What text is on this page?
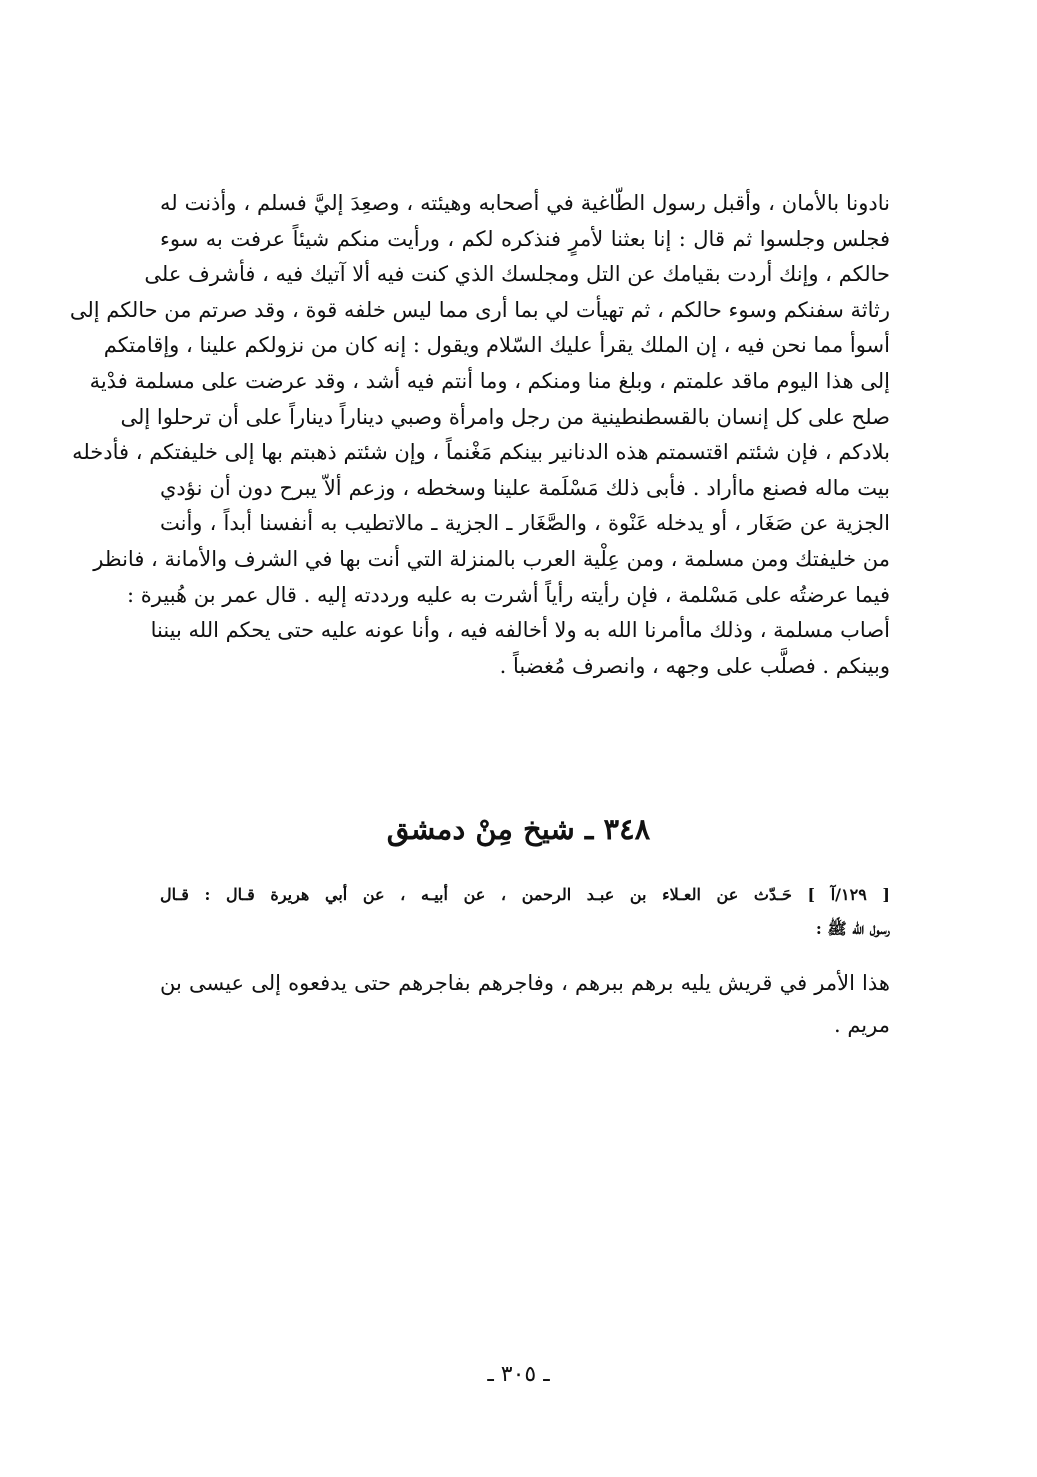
نادونا بالأمان ، وأقبل رسول الطّاغية في أصحابه وهيئته ، وصعِدَ إليَّ فسلم ، وأذنت له
فجلس وجلسوا ثم قال : إنا بعثنا لأمرٍ فنذكره لكم ، ورأيت منكم شيئاً عرفت به سوء
حالكم ، وإنك أردت بقيامك عن التل ومجلسك الذي كنت فيه ألا آتيك فيه ، فأشرف على
رثاثة سفنكم وسوء حالكم ، ثم تهيأت لي بما أرى مما ليس خلفه قوة ، وقد صرتم من حالكم إلى
أسوأ مما نحن فيه ، إن الملك يقرأ عليك السّلام ويقول : إنه كان من نزولكم علينا ، وإقامتكم
إلى هذا اليوم ماقد علمتم ، وبلغ منا ومنكم ، وما أنتم فيه أشد ، وقد عرضت على مسلمة فدْية
صلح على كل إنسان بالقسطنطينية من رجل وامرأة وصبي ديناراً ديناراً على أن ترحلوا إلى
بلادكم ، فإن شئتم اقتسمتم هذه الدنانير بينكم مَغْنماً ، وإن شئتم ذهبتم بها إلى خليفتكم ، فأدخله
بيت ماله فصنع ماأراد . فأبى ذلك مَسْلَمة علينا وسخطه ، وزعم ألاّ يبرح دون أن نؤدي
الجزية عن صَغَار ، أو يدخله عَنْوة ، والصَّغَار ـ الجزية ـ مالاتطيب به أنفسنا أبداً ، وأنت
من خليفتك ومن مسلمة ، ومن عِلْية العرب بالمنزلة التي أنت بها في الشرف والأمانة ، فانظر
فيما عرضتُه على مَسْلمة ، فإن رأيته رأياً أشرت به عليه ورددته إليه . قال عمر بن هُبيرة :
أصاب مسلمة ، وذلك ماأمرنا الله به ولا أخالفه فيه ، وأنا عونه عليه حتى يحكم الله بيننا
وبينكم . فصلَّب على وجهه ، وانصرف مُغضباً .
٣٤٨ ـ شيخ مِنْ دمشق
[ ١٢٩/آ ] حَـدّث عن العـلاء بن عبـد الرحمن ، عن أبيـه ، عن أبي هريرة قـال : قـال
رسول الله ﷺ :
هذا الأمر في قريش يليه برهم ببرهم ، وفاجرهم بفاجرهم حتى يدفعوه إلى عيسى بن
مريم .
ـ ٣٠٥ ـ
